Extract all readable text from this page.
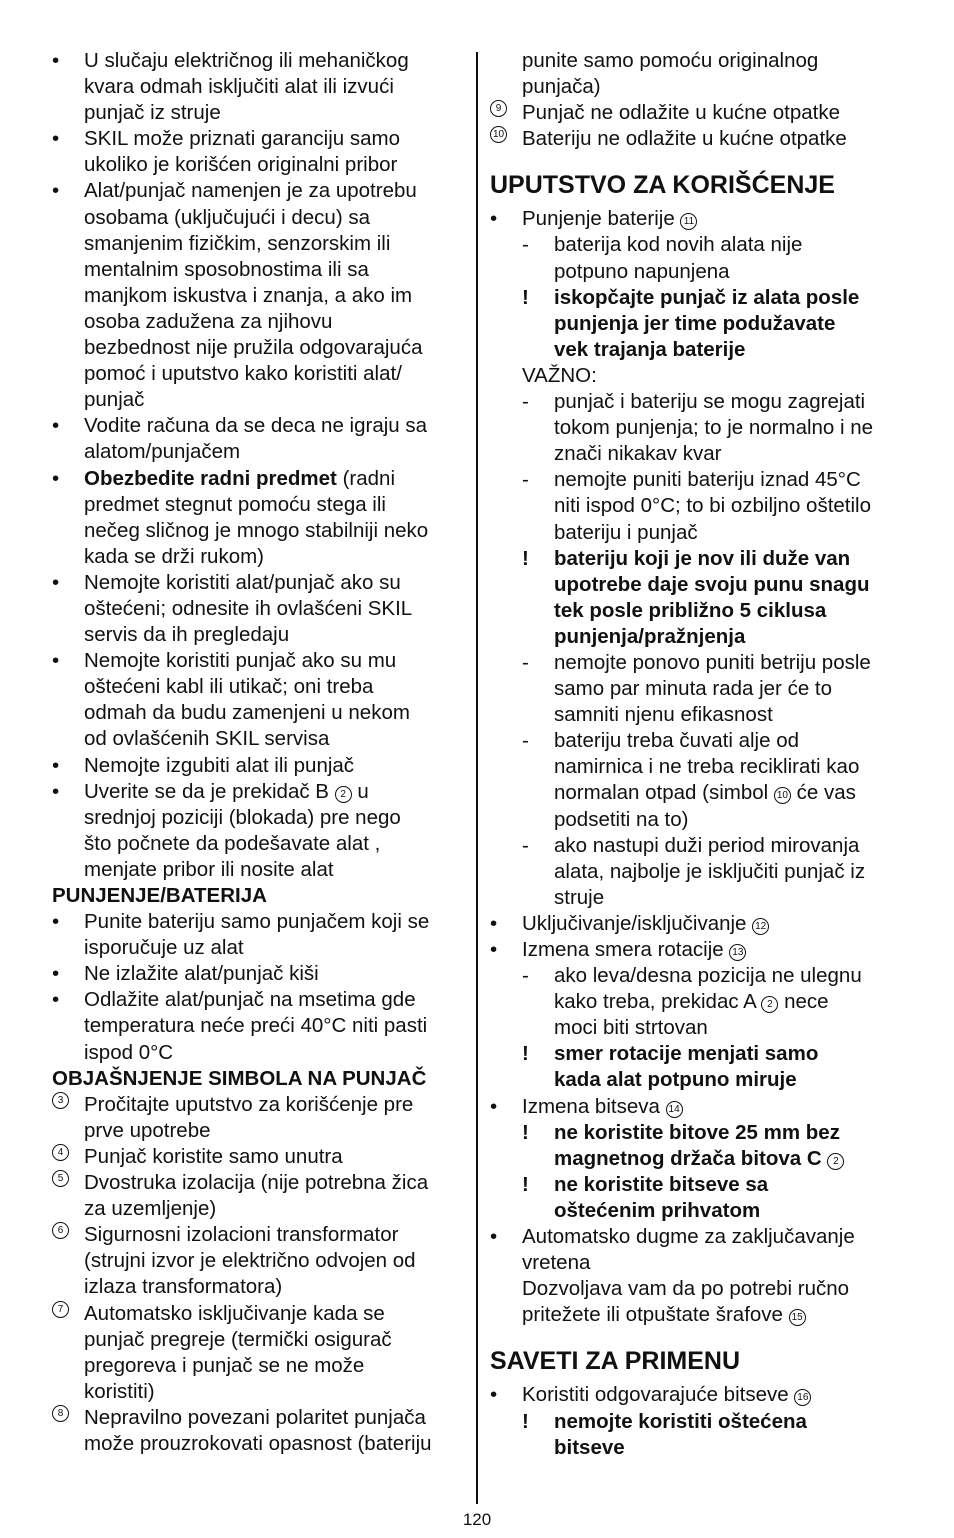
• U slučaju električnog ili mehaničkog
kvara odmah isključiti alat ili izvući
punjač iz struje
• SKIL može priznati garanciju samo
ukoliko je korišćen originalni pribor
• Alat/punjač namenjen je za upotrebu
osobama (uključujući i decu) sa
smanjenim fizičkim, senzorskim ili
mentalnim sposobnostima ili sa
manjkom iskustva i znanja, a ako im
osoba zadužena za njihovu
bezbednost nije pružila odgovarajuća
pomoć i uputstvo kako koristiti alat/
punjač
• Vodite računa da se deca ne igraju sa
alatom/punjačem
• Obezbedite radni predmet (radni
predmet stegnut pomoću stega ili
nečeg sličnog je mnogo stabilniji neko
kada se drži rukom)
• Nemojte koristiti alat/punjač ako su
oštećeni; odnesite ih ovlašćeni SKIL
servis da ih pregledaju
• Nemojte koristiti punjač ako su mu
oštećeni kabl ili utikač; oni treba
odmah da budu zamenjeni u nekom
od ovlašćenih SKIL servisa
• Nemojte izgubiti alat ili punjač
• Uverite se da je prekidač B 2 u
srednjoj poziciji (blokada) pre nego
što počnete da podešavate alat ,
menjate pribor ili nosite alat
PUNJENJE/BATERIJA
• Punite bateriju samo punjačem koji se
isporučuje uz alat
• Ne izlažite alat/punjač kiši
• Odlažite alat/punjač na msetima gde
temperatura neće preći 40°C niti pasti
ispod 0°C
OBJAŠNJENJE SIMBOLA NA PUNJAČ
3 Pročitajte uputstvo za korišćenje pre
prve upotrebe
4 Punjač koristite samo unutra
5 Dvostruka izolacija (nije potrebna žica
za uzemljenje)
6 Sigurnosni izolacioni transformator
(strujni izvor je električno odvojen od
izlaza transformatora)
7 Automatsko isključivanje kada se
punjač pregreje (termički osigurač
pregoreva i punjač se ne može
koristiti)
8 Nepravilno povezani polaritet punjača
može prouzrokovati opasnost (bateriju
punite samo pomoću originalnog
punjača)
9 Punjač ne odlažite u kućne otpatke
10 Bateriju ne odlažite u kućne otpatke
UPUTSTVO ZA KORIŠĆENJE
• Punjenje baterije 11
- baterija kod novih alata nije
potpuno napunjena
! iskopčajte punjač iz alata posle
punjenja jer time podužavate
vek trajanja baterije
VAŽNO:
- punjač i bateriju se mogu zagrejati
tokom punjenja; to je normalno i ne
znači nikakav kvar
- nemojte puniti bateriju iznad 45°C
niti ispod 0°C; to bi ozbiljno oštetilo
bateriju i punjač
! bateriju koji je nov ili duže van
upotrebe daje svoju punu snagu
tek posle približno 5 ciklusa
punjenja/pražnjenja
- nemojte ponovo puniti betriju posle
samo par minuta rada jer će to
samniti njenu efikasnost
- bateriju treba čuvati alje od
namirnica i ne treba reciklirati kao
normalan otpad (simbol 10 će vas
podsetiti na to)
- ako nastupi duži period mirovanja
alata, najbolje je isključiti punjač iz
struje
• Uključivanje/isključivanje 12
• Izmena smera rotacije 13
- ako leva/desna pozicija ne ulegnu
kako treba, prekidac A 2 nece
moci biti strtovan
! smer rotacije menjati samo
kada alat potpuno miruje
• Izmena bitseva 14
! ne koristite bitove 25 mm bez
magnetnog držača bitova C 2
! ne koristite bitseve sa
oštećenim prihvatom
• Automatsko dugme za zaključavanje
vretena
Dozvoljava vam da po potrebi ručno
pritežete ili otpuštate šrafove 15
SAVETI ZA PRIMENU
• Koristiti odgovarajuće bitseve 16
! nemojte koristiti oštećena
bitseve
120
